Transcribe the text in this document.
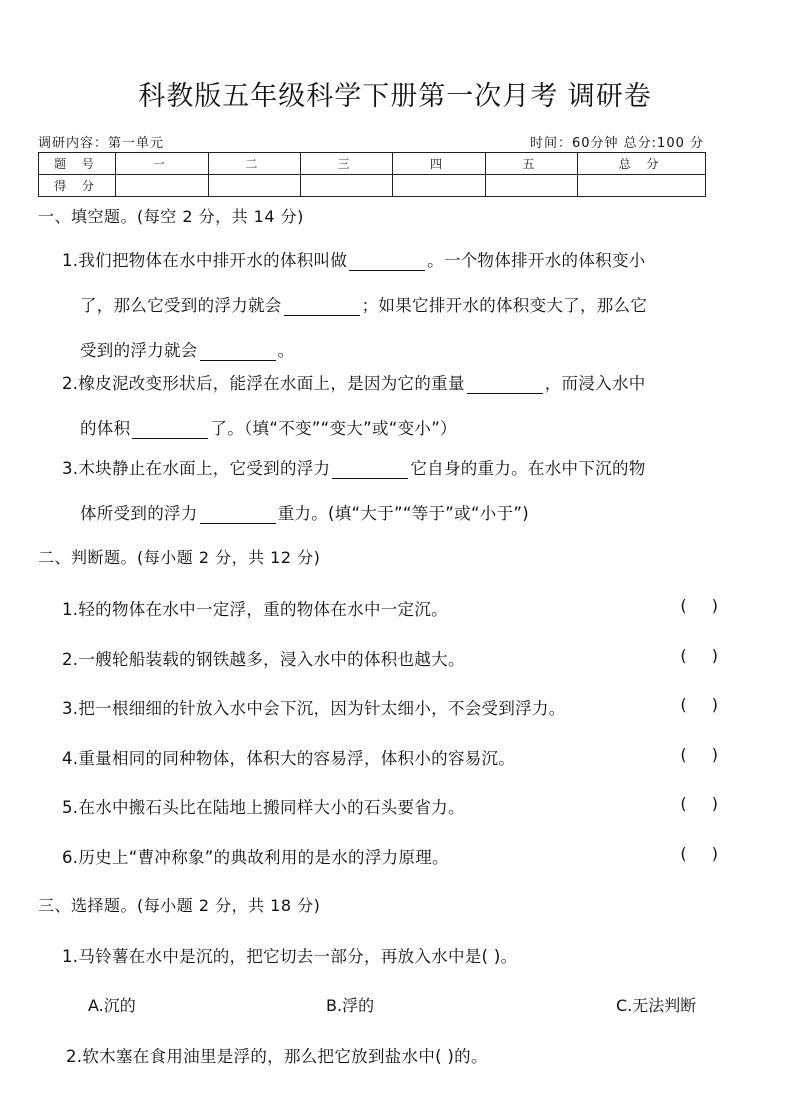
科教版五年级科学下册第一次月考 调研卷
调研内容：第一单元	时间：60分钟 总分:100 分
题 号	一	二	三	四	五	总 分
得 分						
一、填空题。(每空 2 分，共 14 分)
1.我们把物体在水中排开水的体积叫做	。一个物体排开水的体积变小
了，那么它受到的浮力就会	；如果它排开水的体积变大了，那么它
受到的浮力就会	。
2.橡皮泥改变形状后，能浮在水面上，是因为它的重量	，而浸入水中
的体积	了。（填“不变”“变大”或“变小”）
3.木块静止在水面上，它受到的浮力	它自身的重力。在水中下沉的物
体所受到的浮力	重力。(填“大于”“等于”或“小于”)
二、判断题。(每小题 2 分，共 12 分)
1.轻的物体在水中一定浮，重的物体在水中一定沉。	( )
2.一艘轮船装载的钢铁越多，浸入水中的体积也越大。	( )
3.把一根细细的针放入水中会下沉，因为针太细小，不会受到浮力。	( )
4.重量相同的同种物体，体积大的容易浮，体积小的容易沉。	( )
5.在水中搬石头比在陆地上搬同样大小的石头要省力。	( )
6.历史上“曹冲称象”的典故利用的是水的浮力原理。	( )
三、选择题。(每小题 2 分，共 18 分)
1.马铃薯在水中是沉的，把它切去一部分，再放入水中是( )。
A.沉的	B.浮的	C.无法判断
2.软木塞在食用油里是浮的，那么把它放到盐水中( )的。
